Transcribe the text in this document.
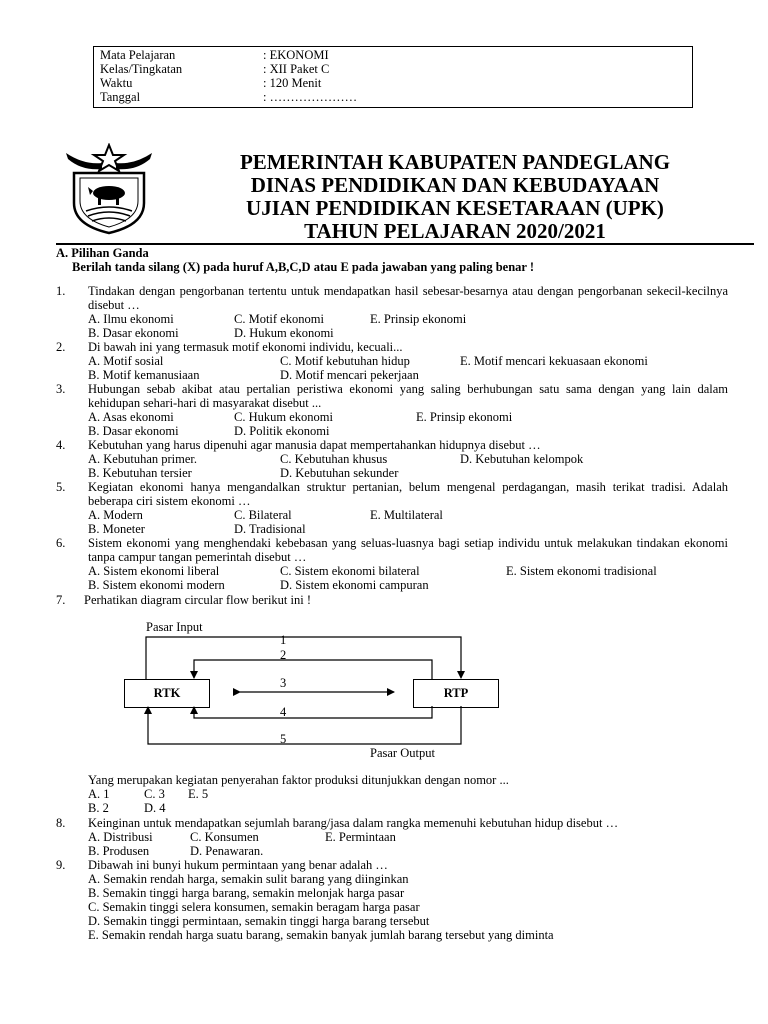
Mata Pelajaran	: EKONOMI
Kelas/Tingkatan	: XII Paket C
Waktu	: 120 Menit
Tanggal	: …………………
PEMERINTAH KABUPATEN PANDEGLANG
DINAS PENDIDIKAN DAN KEBUDAYAAN
UJIAN PENDIDIKAN KESETARAAN (UPK)
TAHUN PELAJARAN 2020/2021
A. Pilihan Ganda
Berilah tanda silang (X) pada huruf A,B,C,D atau E pada jawaban yang paling benar !
1. Tindakan dengan pengorbanan tertentu untuk mendapatkan hasil sebesar-besarnya atau dengan pengorbanan sekecil-kecilnya disebut …
A. Ilmu ekonomi	C. Motif ekonomi	E. Prinsip ekonomi
B. Dasar ekonomi	D. Hukum ekonomi
2. Di bawah ini yang termasuk motif ekonomi individu, kecuali...
A. Motif sosial	C. Motif kebutuhan hidup	E. Motif mencari kekuasaan ekonomi
B. Motif kemanusiaan	D. Motif mencari pekerjaan
3. Hubungan sebab akibat atau pertalian peristiwa ekonomi yang saling berhubungan satu sama dengan yang lain dalam kehidupan sehari-hari di masyarakat disebut ...
A. Asas ekonomi	C. Hukum ekonomi	E. Prinsip ekonomi
B. Dasar ekonomi	D. Politik ekonomi
4. Kebutuhan yang harus dipenuhi agar manusia dapat mempertahankan hidupnya disebut …
A. Kebutuhan primer.	C. Kebutuhan khusus	D. Kebutuhan kelompok
B. Kebutuhan tersier	D. Kebutuhan sekunder
5. Kegiatan ekonomi hanya mengandalkan struktur pertanian, belum mengenal perdagangan, masih terikat tradisi. Adalah beberapa ciri sistem ekonomi …
A. Modern	C. Bilateral	E. Multilateral
B. Moneter	D. Tradisional
6. Sistem ekonomi yang menghendaki kebebasan yang seluas-luasnya bagi setiap individu untuk melakukan tindakan ekonomi tanpa campur tangan pemerintah disebut …
A. Sistem ekonomi liberal	C. Sistem ekonomi bilateral	E. Sistem ekonomi tradisional
B. Sistem ekonomi modern	D. Sistem ekonomi campuran
7. Perhatikan diagram circular flow berikut ini !
Pasar Input
Pasar Output
RTK	RTP
1
2
3
4
5
Yang merupakan kegiatan penyerahan faktor produksi ditunjukkan dengan nomor ...
A. 1	C. 3 E. 5
B. 2	D. 4
8. Keinginan untuk mendapatkan sejumlah barang/jasa dalam rangka memenuhi kebutuhan hidup disebut …
A. Distribusi	C. Konsumen	E. Permintaan
B. Produsen	D. Penawaran.
9. Dibawah ini bunyi hukum permintaan yang benar adalah …
A. Semakin rendah harga, semakin sulit barang yang diinginkan
B. Semakin tinggi harga barang, semakin melonjak harga pasar
C. Semakin tinggi selera konsumen, semakin beragam harga pasar
D. Semakin tinggi permintaan, semakin tinggi harga barang tersebut
E. Semakin rendah harga suatu barang, semakin banyak jumlah barang tersebut yang diminta
